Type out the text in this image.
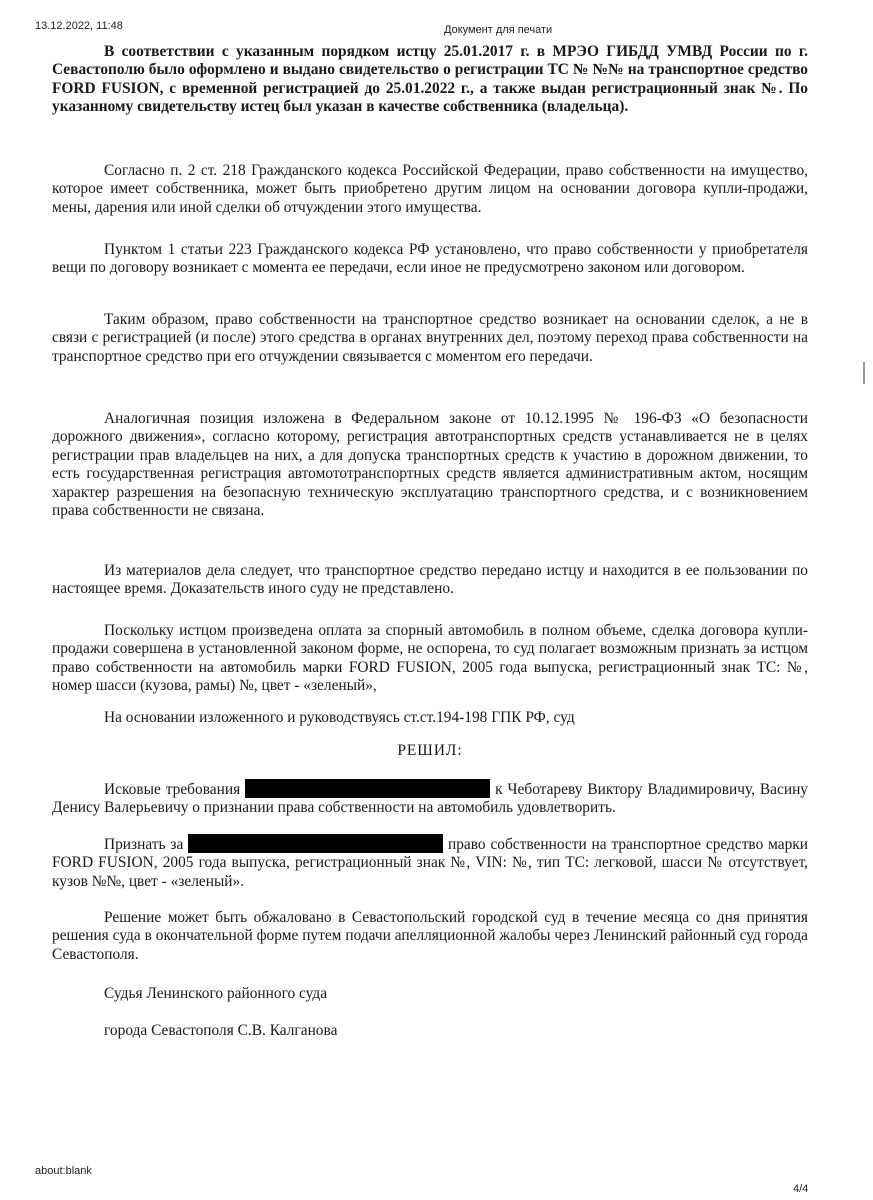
13.12.2022, 11:48	Документ для печати

В соответствии с указанным порядком истцу 25.01.2017 г. в МРЭО ГИБДД УМВД России по г. Севастополю было оформлено и выдано свидетельство о регистрации ТС № №№ на транспортное средство FORD FUSION, с временной регистрацией до 25.01.2022 г., а также выдан регистрационный знак №. По указанному свидетельству истец был указан в качестве собственника (владельца).

Согласно п. 2 ст. 218 Гражданского кодекса Российской Федерации, право собственности на имущество, которое имеет собственника, может быть приобретено другим лицом на основании договора купли-продажи, мены, дарения или иной сделки об отчуждении этого имущества.

Пунктом 1 статьи 223 Гражданского кодекса РФ установлено, что право собственности у приобретателя вещи по договору возникает с момента ее передачи, если иное не предусмотрено законом или договором.

Таким образом, право собственности на транспортное средство возникает на основании сделок, а не в связи с регистрацией (и после) этого средства в органах внутренних дел, поэтому переход права собственности на транспортное средство при его отчуждении связывается с моментом его передачи.

Аналогичная позиция изложена в Федеральном законе от 10.12.1995 № 196-ФЗ «О безопасности дорожного движения», согласно которому, регистрация автотранспортных средств устанавливается не в целях регистрации прав владельцев на них, а для допуска транспортных средств к участию в дорожном движении, то есть государственная регистрация автомототранспортных средств является административным актом, носящим характер разрешения на безопасную техническую эксплуатацию транспортного средства, и с возникновением права собственности не связана.

Из материалов дела следует, что транспортное средство передано истцу и находится в ее пользовании по настоящее время. Доказательств иного суду не представлено.

Поскольку истцом произведена оплата за спорный автомобиль в полном объеме, сделка договора купли-продажи совершена в установленной законом форме, не оспорена, то суд полагает возможным признать за истцом право собственности на автомобиль марки FORD FUSION, 2005 года выпуска, регистрационный знак ТС: №, номер шасси (кузова, рамы) №, цвет - «зеленый»,

На основании изложенного и руководствуясь ст.ст.194-198 ГПК РФ, суд

РЕШИЛ:

Исковые требования	к Чеботареву Виктору Владимировичу, Васину Денису Валерьевичу о признании права собственности на автомобиль удовлетворить.

Признать за	право собственности на транспортное средство марки FORD FUSION, 2005 года выпуска, регистрационный знак №, VIN: №, тип ТС: легковой, шасси № отсутствует, кузов №№, цвет - «зеленый».

Решение может быть обжаловано в Севастопольский городской суд в течение месяца со дня принятия решения суда в окончательной форме путем подачи апелляционной жалобы через Ленинский районный суд города Севастополя.

Судья Ленинского районного суда

города Севастополя С.В. Калганова

about:blank
4/4
